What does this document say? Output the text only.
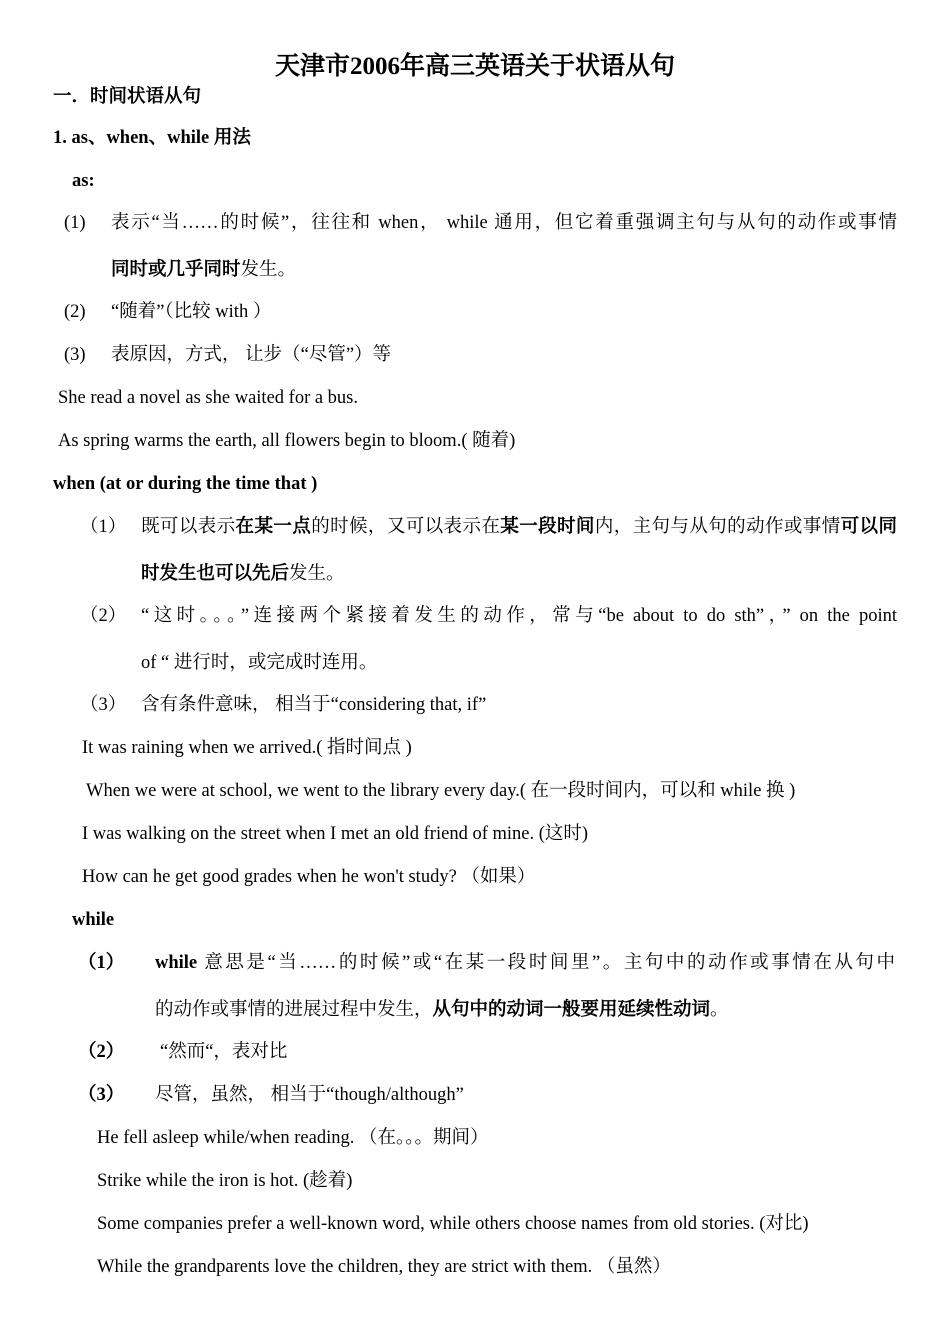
天津市2006年高三英语关于状语从句
一．时间状语从句
1. as、when、while 用法
as:
(1) 表示“当……的时候”，往往和 when， while 通用，但它着重强调主句与从句的动作或事情
同时或几乎同时发生。
(2) “随着”（比较 with ）
(3) 表原因，方式， 让步（“尽管”）等
She read a novel as she waited for a bus.
As spring warms the earth, all flowers begin to bloom.( 随着)
when (at or during the time that )
（1） 既可以表示在某一点的时候，又可以表示在某一段时间内，主句与从句的动作或事情可以同
时发生也可以先后发生。
（2） “这时。。。”连接两个紧接着发生的动作，常与“be about to do sth”，” on the point
of “ 进行时，或完成时连用。
（3） 含有条件意味， 相当于“considering that, if”
It was raining when we arrived.( 指时间点 )
When we were at school, we went to the library every day.( 在一段时间内，可以和 while 换 )
I was walking on the street when I met an old friend of mine. (这时)
How can he get good grades when he won't study? （如果）
while
（1） while 意思是“当……的时候”或“在某一段时间里”。主句中的动作或事情在从句中
的动作或事情的进展过程中发生，从句中的动词一般要用延续性动词。
（2） “然而“，表对比
（3） 尽管，虽然， 相当于“though/although”
He fell asleep while/when reading. （在。。。期间）
Strike while the iron is hot. (趁着)
Some companies prefer a well-known word, while others choose names from old stories. (对比)
While the grandparents love the children, they are strict with them. （虽然）
